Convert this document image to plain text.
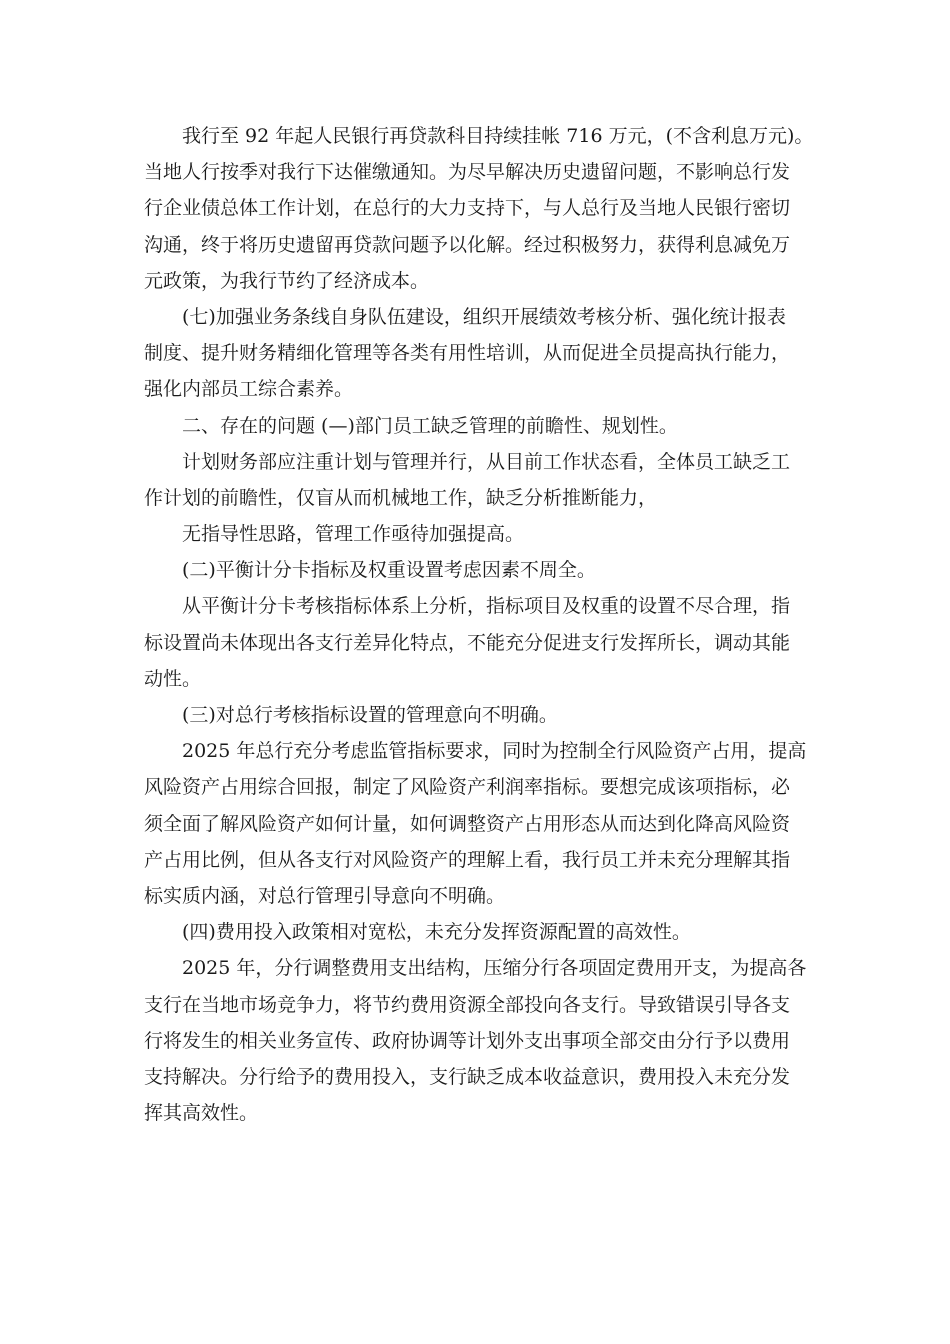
我行至 92 年起人民银行再贷款科目持续挂帐 716 万元，(不含利息万元)。
当地人行按季对我行下达催缴通知。为尽早解决历史遗留问题，不影响总行发
行企业债总体工作计划，在总行的大力支持下，与人总行及当地人民银行密切
沟通，终于将历史遗留再贷款问题予以化解。经过积极努力，获得利息减免万
元政策，为我行节约了经济成本。
(七)加强业务条线自身队伍建设，组织开展绩效考核分析、强化统计报表
制度、提升财务精细化管理等各类有用性培训，从而促进全员提高执行能力，
强化内部员工综合素养。
二、存在的问题 (—)部门员工缺乏管理的前瞻性、规划性。
计划财务部应注重计划与管理并行，从目前工作状态看，全体员工缺乏工
作计划的前瞻性，仅盲从而机械地工作，缺乏分析推断能力，
无指导性思路，管理工作亟待加强提高。
(二)平衡计分卡指标及权重设置考虑因素不周全。
从平衡计分卡考核指标体系上分析，指标项目及权重的设置不尽合理，指
标设置尚未体现出各支行差异化特点，不能充分促进支行发挥所长，调动其能
动性。
(三)对总行考核指标设置的管理意向不明确。
2025 年总行充分考虑监管指标要求，同时为控制全行风险资产占用，提高
风险资产占用综合回报，制定了风险资产利润率指标。要想完成该项指标，必
须全面了解风险资产如何计量，如何调整资产占用形态从而达到化降高风险资
产占用比例，但从各支行对风险资产的理解上看，我行员工并未充分理解其指
标实质内涵，对总行管理引导意向不明确。
(四)费用投入政策相对宽松，未充分发挥资源配置的高效性。
2025 年，分行调整费用支出结构，压缩分行各项固定费用开支，为提高各
支行在当地市场竞争力，将节约费用资源全部投向各支行。导致错误引导各支
行将发生的相关业务宣传、政府协调等计划外支出事项全部交由分行予以费用
支持解决。分行给予的费用投入，支行缺乏成本收益意识，费用投入未充分发
挥其高效性。
